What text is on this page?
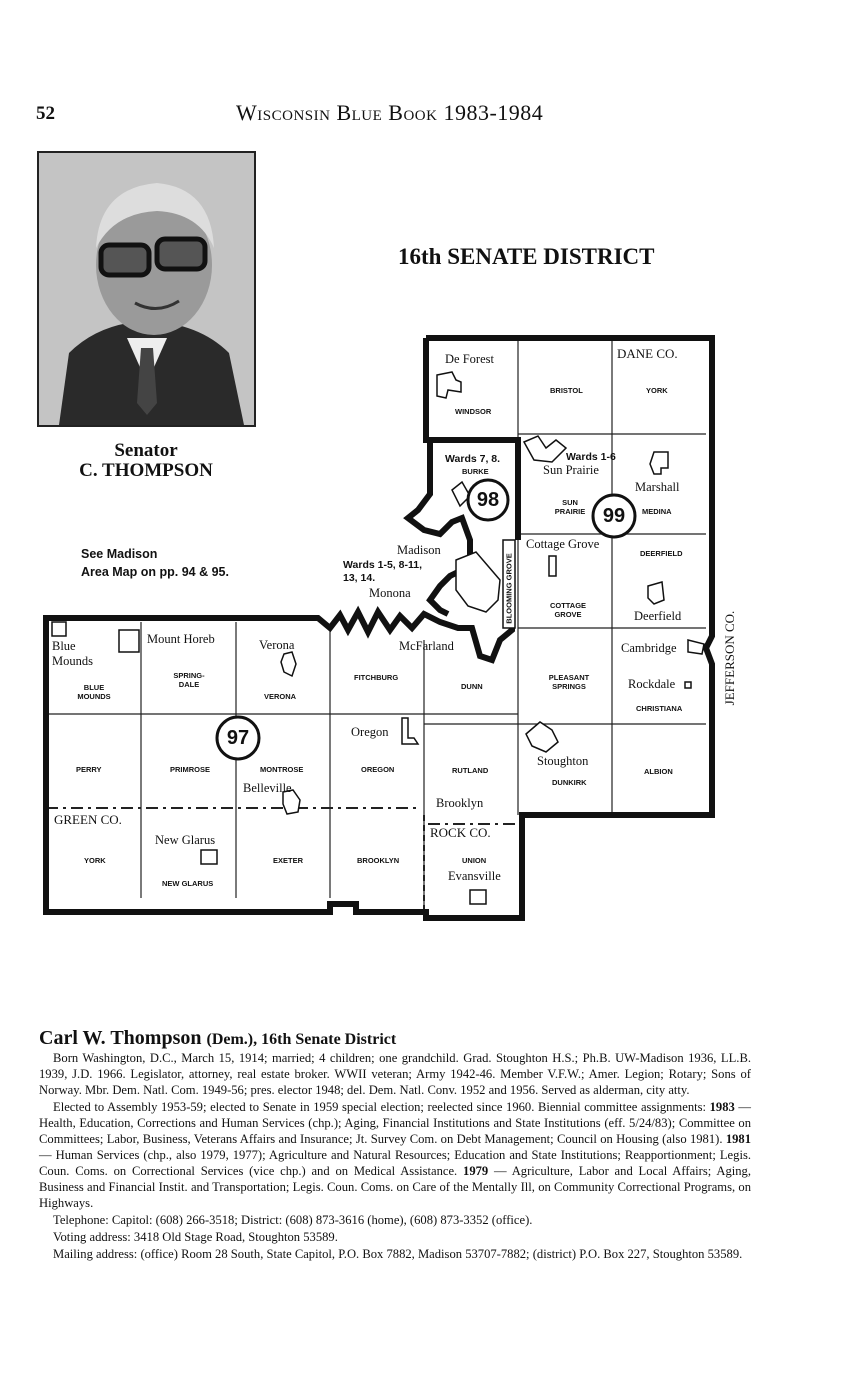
52	Wisconsin Blue Book 1983-1984
Senator
C. THOMPSON
16th SENATE DISTRICT
See Madison
Area Map on pp. 94 & 95.
DANE CO.
GREEN CO.
ROCK CO.
JEFFERSON CO.
97
98
99
WINDSOR
BRISTOL	YORK
BURKE
SUN PRAIRIE	MEDINA
BLOOMING GROVE	COTTAGE GROVE
DEERFIELD
BLUE MOUNDS
SPRING-DALE
VERONA
FITCHBURG
DUNN
PLEASANT SPRINGS
CHRISTIANA
PERRY	PRIMROSE	MONTROSE	OREGON	RUTLAND
DUNKIRK
ALBION
YORK
NEW GLARUS
EXETER	BROOKLYN	UNION
De Forest
Wards 1-6
Sun Prairie
Marshall
Wards 7, 8.
Madison
Wards 1-5, 8-11,
13, 14.
Monona
Cottage Grove
Deerfield
Blue
Mounds
Mount Horeb	Verona	McFarland	Cambridge
Rockdale
Oregon
Belleville
Stoughton
Brooklyn
New Glarus
Evansville
Carl W. Thompson (Dem.), 16th Senate District

Born Washington, D.C., March 15, 1914; married; 4 children; one grandchild. Grad. Stoughton H.S.; Ph.B. UW-Madison 1936, LL.B. 1939, J.D. 1966. Legislator, attorney, real estate broker. WWII veteran; Army 1942-46. Member V.F.W.; Amer. Legion; Rotary; Sons of Norway. Mbr. Dem. Natl. Com. 1949-56; pres. elector 1948; del. Dem. Natl. Conv. 1952 and 1956. Served as alderman, city atty.

Elected to Assembly 1953-59; elected to Senate in 1959 special election; reelected since 1960. Biennial committee assignments: 1983 — Health, Education, Corrections and Human Services (chp.); Aging, Financial Institutions and State Institutions (eff. 5/24/83); Committee on Committees; Labor, Business, Veterans Affairs and Insurance; Jt. Survey Com. on Debt Management; Council on Housing (also 1981). 1981 — Human Services (chp., also 1979, 1977); Agriculture and Natural Resources; Education and State Institutions; Reapportionment; Legis. Coun. Coms. on Correctional Services (vice chp.) and on Medical Assistance. 1979 — Agriculture, Labor and Local Affairs; Aging, Business and Financial Instit. and Transportation; Legis. Coun. Coms. on Care of the Mentally Ill, on Community Correctional Programs, on Highways.

Telephone: Capitol: (608) 266-3518; District: (608) 873-3616 (home), (608) 873-3352 (office).

Voting address: 3418 Old Stage Road, Stoughton 53589.

Mailing address: (office) Room 28 South, State Capitol, P.O. Box 7882, Madison 53707-7882; (district) P.O. Box 227, Stoughton 53589.
